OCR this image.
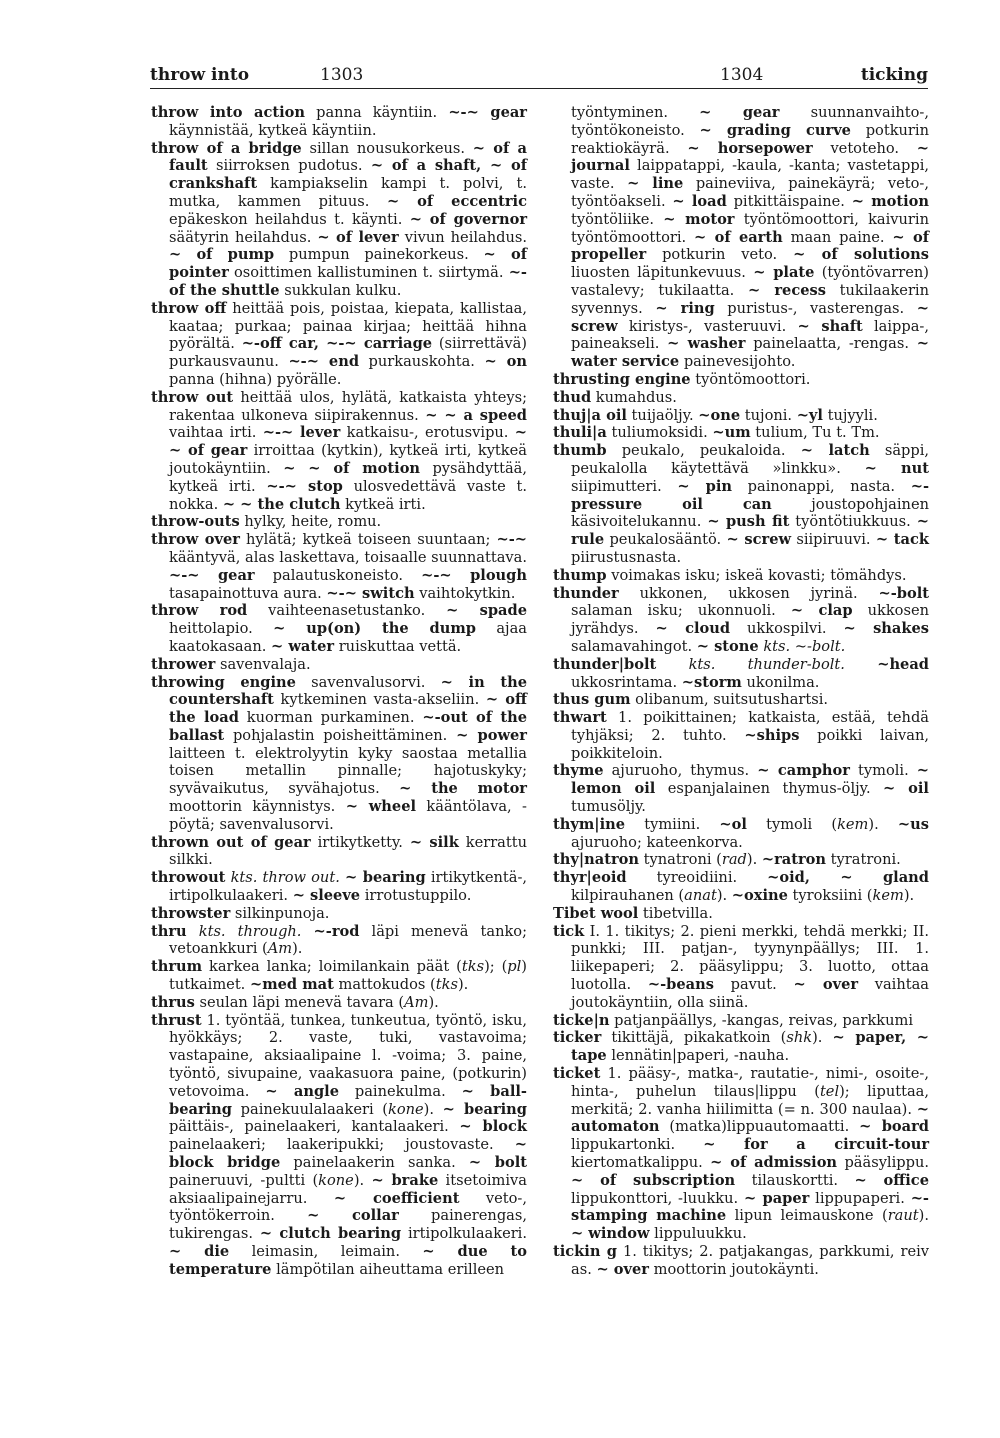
throw into	1303	1304	ticking

throw into action panna käyntiin. ~-~ gear käynnistää, kytkeä käyntiin.

throw of a bridge sillan nousukorkeus. ~ of a fault siirroksen pudotus. ~ of a shaft, ~ of crankshaft kampiakselin kampi t. polvi, t. mutka, kammen pituus. ~ of eccentric epäkeskon heilahdus t. käynti. ~ of governor säätyrin heilahdus. ~ of lever vivun heilahdus. ~ of pump pumpun painekorkeus. ~ of pointer osoittimen kallistuminen t. siirtymä. ~-of the shuttle sukkulan kulku.

throw off heittää pois, poistaa, kiepata, kallistaa, kaataa; purkaa; painaa kirjaa; heittää hihna pyörältä. ~-off car, ~-~ carriage (siirrettävä) purkausvaunu. ~-~ end purkauskohta. ~ on panna (hihna) pyörälle.

throw out heittää ulos, hylätä, katkaista yhteys; rakentaa ulkoneva siipirakennus. ~ ~ a speed vaihtaa irti. ~-~ lever katkaisu-, erotusvipu. ~ ~ of gear irroittaa (kytkin), kytkeä irti, kytkeä joutokäyntiin. ~ ~ of motion pysähdyttää, kytkeä irti. ~-~ stop ulosvedettävä vaste t. nokka. ~ ~ the clutch kytkeä irti.

throw-outs hylky, heite, romu.

throw over hylätä; kytkeä toiseen suuntaan; ~-~ kääntyvä, alas laskettava, toisaalle suunnattava. ~-~ gear palautuskoneisto. ~-~ plough tasapainottuva aura. ~-~ switch vaihtokytkin.

throw rod vaihteenasetustanko. ~ spade heittolapio. ~ up(on) the dump ajaa kaatokasaan. ~ water ruiskuttaa vettä.

thrower savenvalaja.

throwing engine savenvalusorvi. ~ in the countershaft kytkeminen vasta-akseliin. ~ off the load kuorman purkaminen. ~-out of the ballast pohjalastin poisheittäminen. ~ power laitteen t. elektrolyytin kyky saostaa metallia toisen metallin pinnalle; hajotuskyky; syvävaikutus, syvähajotus. ~ the motor moottorin käynnistys. ~ wheel kääntölava, -pöytä; savenvalusorvi.

thrown out of gear irtikytketty. ~ silk kerrattu silkki.

throwout kts. throw out. ~ bearing irtikytkentä-, irtipolkulaakeri. ~ sleeve irrotustuppilo.

throwster silkinpunoja.

thru kts. through. ~-rod läpi menevä tanko; vetoankkuri (Am).

thrum karkea lanka; loimilankain päät (tks); (pl) tutkaimet. ~med mat mattokudos (tks).

thrus seulan läpi menevä tavara (Am).

thrust 1. työntää, tunkea, tunkeutua, työntö, isku, hyökkäys; 2. vaste, tuki, vastavoima; vastapaine, aksiaalipaine l. -voima; 3. paine, työntö, sivupaine, vaakasuora paine, (potkurin) vetovoima. ~ angle painekulma. ~ ball-bearing painekuulalaakeri (kone). ~ bearing päittäis-, painelaakeri, kantalaakeri. ~ block painelaakeri; laakeripukki; joustovaste. ~ block bridge painelaakerin sanka. ~ bolt paineruuvi, -pultti (kone). ~ brake itsetoimiva aksiaalipainejarru. ~ coefficient veto-, työntökerroin. ~ collar painerengas, tukirengas. ~ clutch bearing irtipolkulaakeri. ~ die leimasin, leimain. ~ due to temperature lämpötilan aiheuttama erilleen

työntyminen. ~ gear suunnanvaihto-, työntökoneisto. ~ grading curve potkurin reaktiokäyrä. ~ horsepower vetoteho. ~ journal laippatappi, -kaula, -kanta; vastetappi, vaste. ~ line paineviiva, painekäyrä; veto-, työntöakseli. ~ load pitkittäispaine. ~ motion työntöliike. ~ motor työntömoottori, kaivurin työntömoottori. ~ of earth maan paine. ~ of propeller potkurin veto. ~ of solutions liuosten läpitunkevuus. ~ plate (työntövarren) vastalevy; tukilaatta. ~ recess tukilaakerin syvennys. ~ ring puristus-, vasterengas. ~ screw kiristys-, vasteruuvi. ~ shaft laippa-, paineakseli. ~ washer painelaatta, -rengas. ~ water service painevesijohto.

thrusting engine työntömoottori.

thud kumahdus.

thuj|a oil tuijaöljy. ~one tujoni. ~yl tujyyli.

thuli|a tuliumoksidi. ~um tulium, Tu t. Tm.

thumb peukalo, peukaloida. ~ latch säppi, peukalolla käytettävä »linkku». ~ nut siipimutteri. ~ pin painonappi, nasta. ~-pressure oil can joustopohjainen käsivoitelukannu. ~ push fit työntötiukkuus. ~ rule peukalosääntö. ~ screw siipiruuvi. ~ tack piirustusnasta.

thump voimakas isku; iskeä kovasti; tömähdys.

thunder ukkonen, ukkosen jyrinä. ~-bolt salaman isku; ukonnuoli. ~ clap ukkosen jyrähdys. ~ cloud ukkospilvi. ~ shakes salamavahingot. ~ stone kts. ~-bolt.

thunder|bolt kts. thunder-bolt. ~head ukkosrintama. ~storm ukonilma.

thus gum olibanum, suitsutushartsi.

thwart 1. poikittainen; katkaista, estää, tehdä tyhjäksi; 2. tuhto. ~ships poikki laivan, poikkiteloin.

thyme ajuruoho, thymus. ~ camphor tymoli. ~ lemon oil espanjalainen thymus-öljy. ~ oil tumusöljy.

thym|ine tymiini. ~ol tymoli (kem). ~us ajuruoho; kateenkorva.

thy|natron tynatroni (rad). ~ratron tyratroni.

thyr|eoid tyreoidiini. ~oid, ~ gland kilpirauhanen (anat). ~oxine tyroksiini (kem).

Tibet wool tibetvilla.

tick I. 1. tikitys; 2. pieni merkki, tehdä merkki; II. punkki; III. patjan-, tyynynpäällys; III. 1. liikepaperi; 2. pääsylippu; 3. luotto, ottaa luotolla. ~-beans pavut. ~ over vaihtaa joutokäyntiin, olla siinä.

ticke|n patjanpäällys, -kangas, reivas, parkkumi

ticker tikittäjä, pikakatkoin (shk). ~ paper, ~ tape lennätin|paperi, -nauha.

ticket 1. pääsy-, matka-, rautatie-, nimi-, osoite-, hinta-, puhelun tilaus|lippu (tel); liputtaa, merkitä; 2. vanha hiilimitta (= n. 300 naulaa). ~ automaton (matka)lippuautomaatti. ~ board lippukartonki. ~ for a circuit-tour kiertomatkalippu. ~ of admission pääsylippu. ~ of subscription tilauskortti. ~ office lippukonttori, -luukku. ~ paper lippupaperi. ~-stamping machine lipun leimauskone (raut). ~ window lippuluukku.

tickin g 1. tikitys; 2. patjakangas, parkkumi, reiv as. ~ over moottorin joutokäynti.
